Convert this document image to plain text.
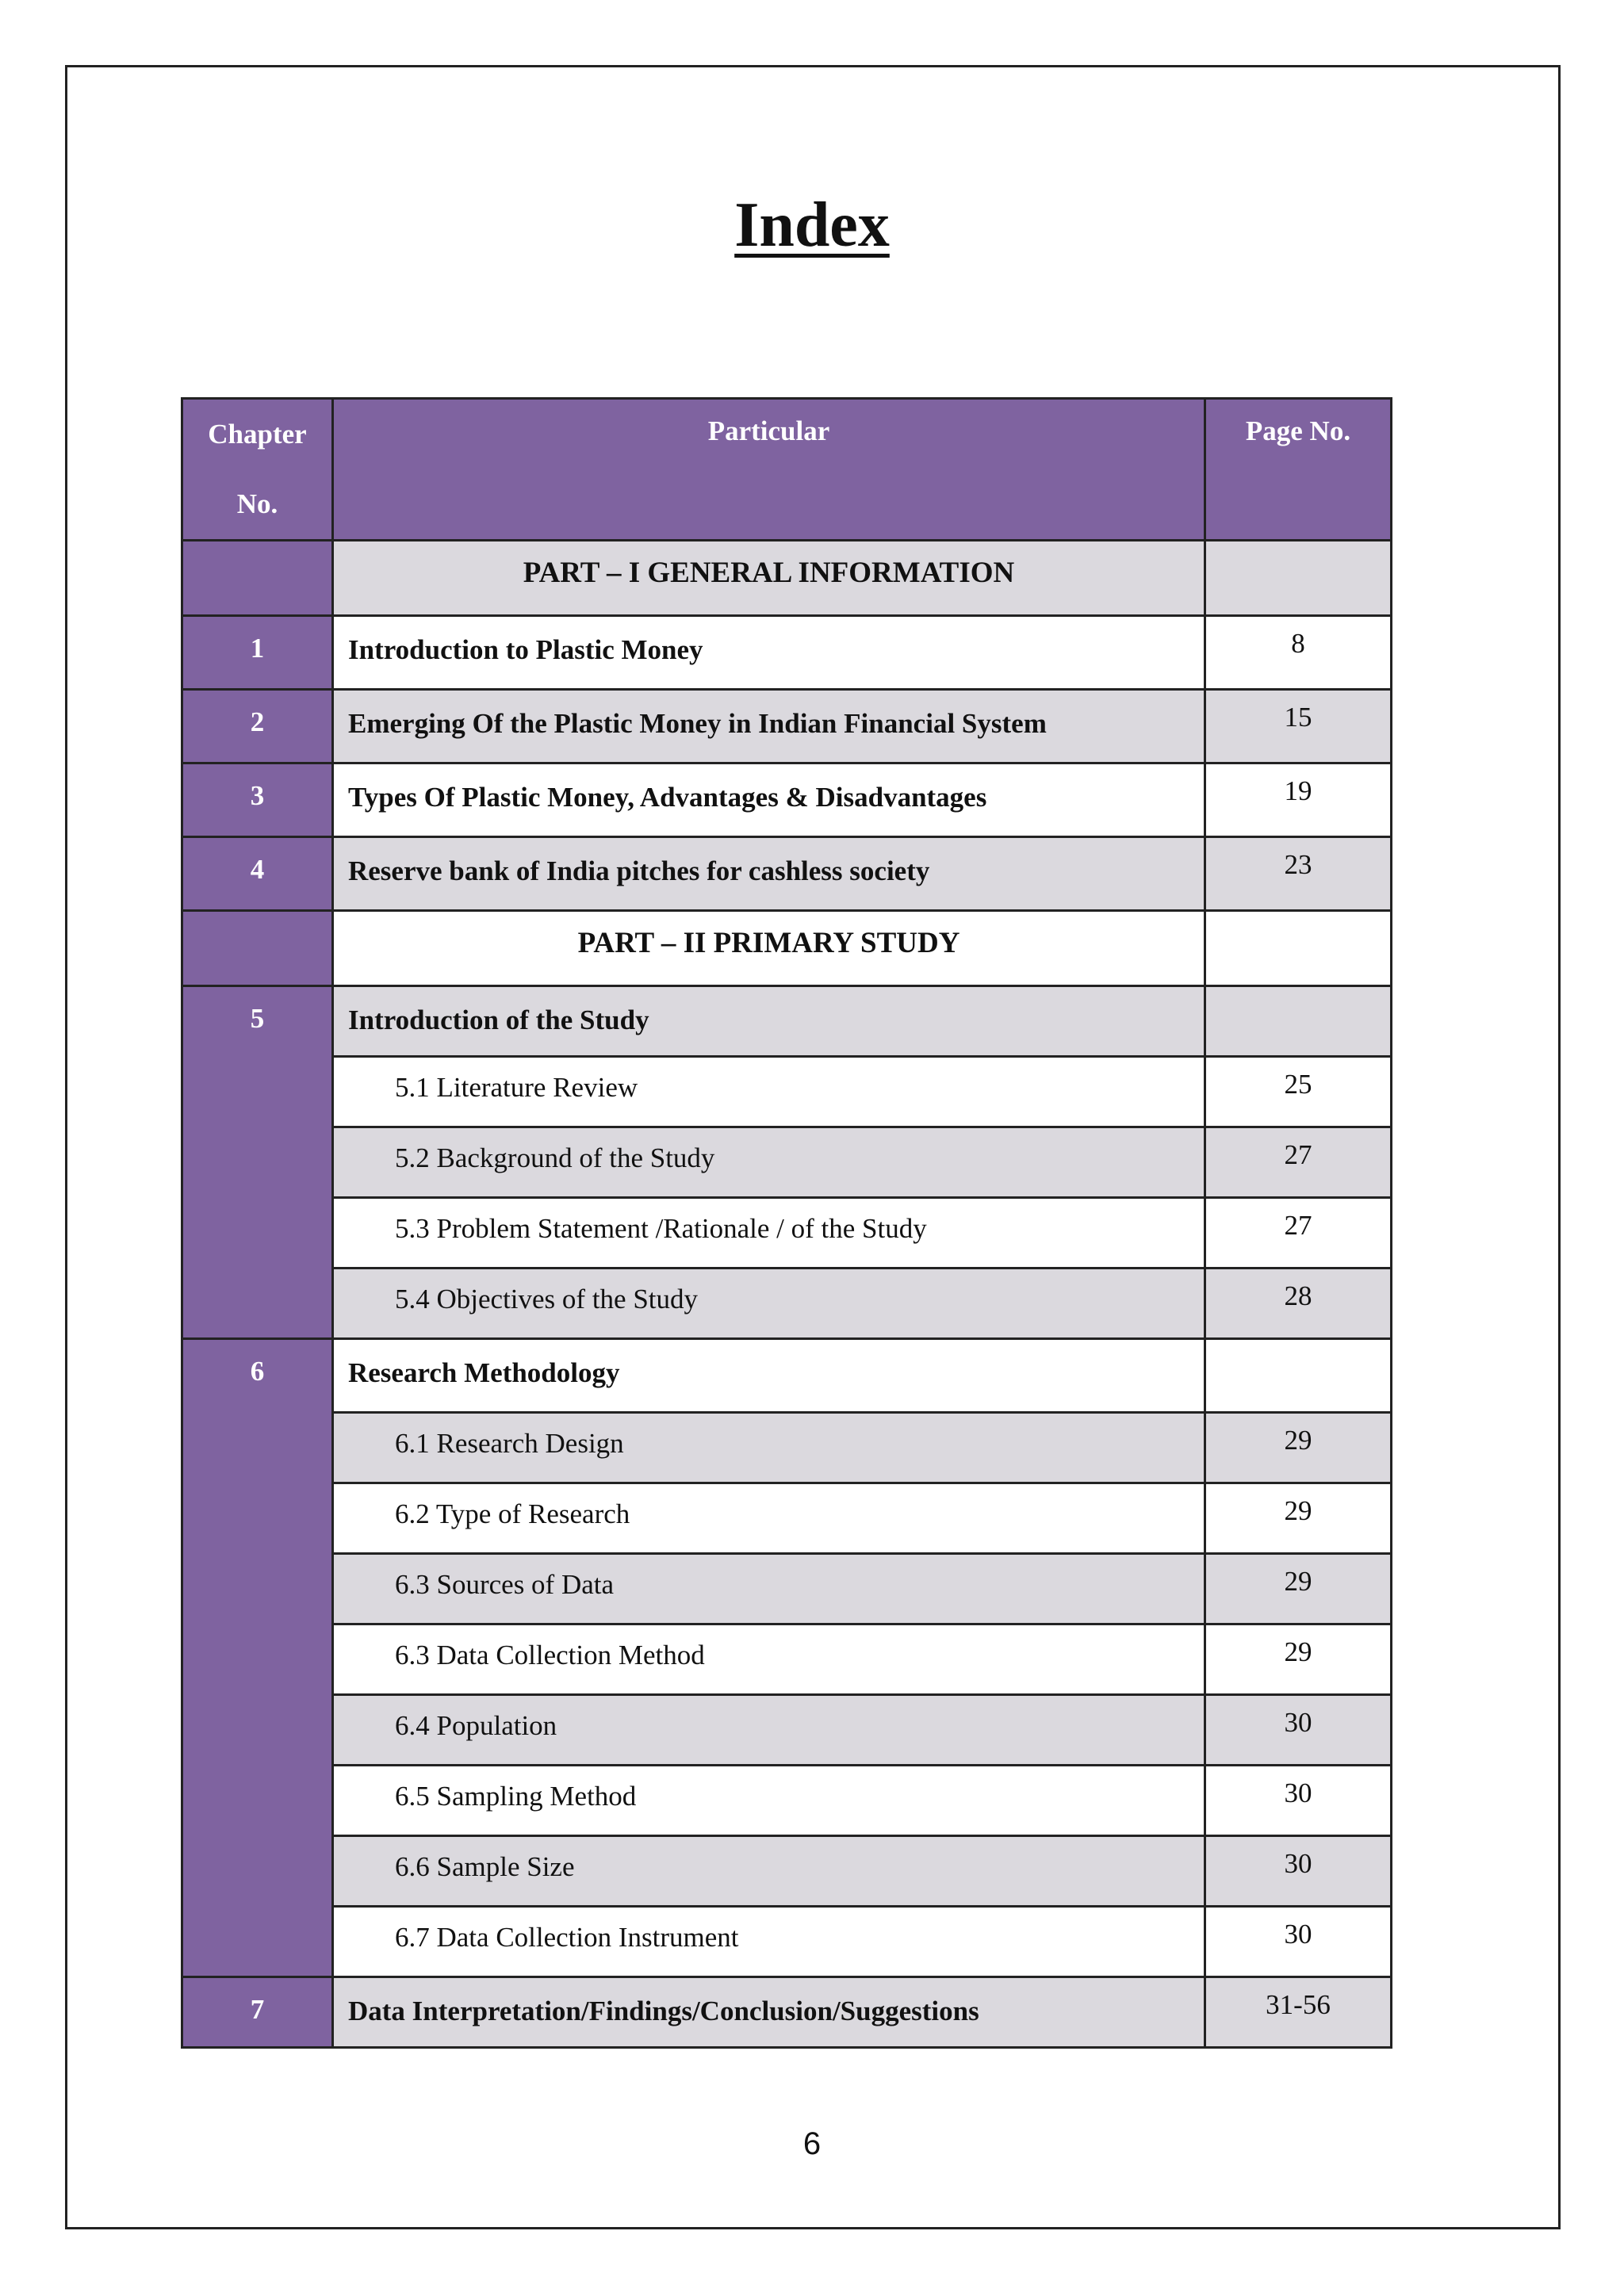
Index
Chapter
No.	Particular	Page No.
	PART – I GENERAL INFORMATION	
1	Introduction to Plastic Money	8
2	Emerging Of the Plastic Money in Indian Financial System	15
3	Types Of Plastic Money, Advantages & Disadvantages	19
4	Reserve bank of India pitches for cashless society	23
	PART – II PRIMARY STUDY	
5	Introduction of the Study	
	5.1 Literature Review	25
	5.2 Background of the Study	27
	5.3 Problem Statement /Rationale / of the Study	27
	5.4 Objectives of the Study	28
6	Research Methodology	
	6.1 Research Design	29
	6.2 Type of Research	29
	6.3 Sources of Data	29
	6.3 Data Collection Method	29
	6.4 Population	30
	6.5 Sampling Method	30
	6.6 Sample Size	30
	6.7 Data Collection Instrument	30
7	Data Interpretation/Findings/Conclusion/Suggestions	31-56
6
